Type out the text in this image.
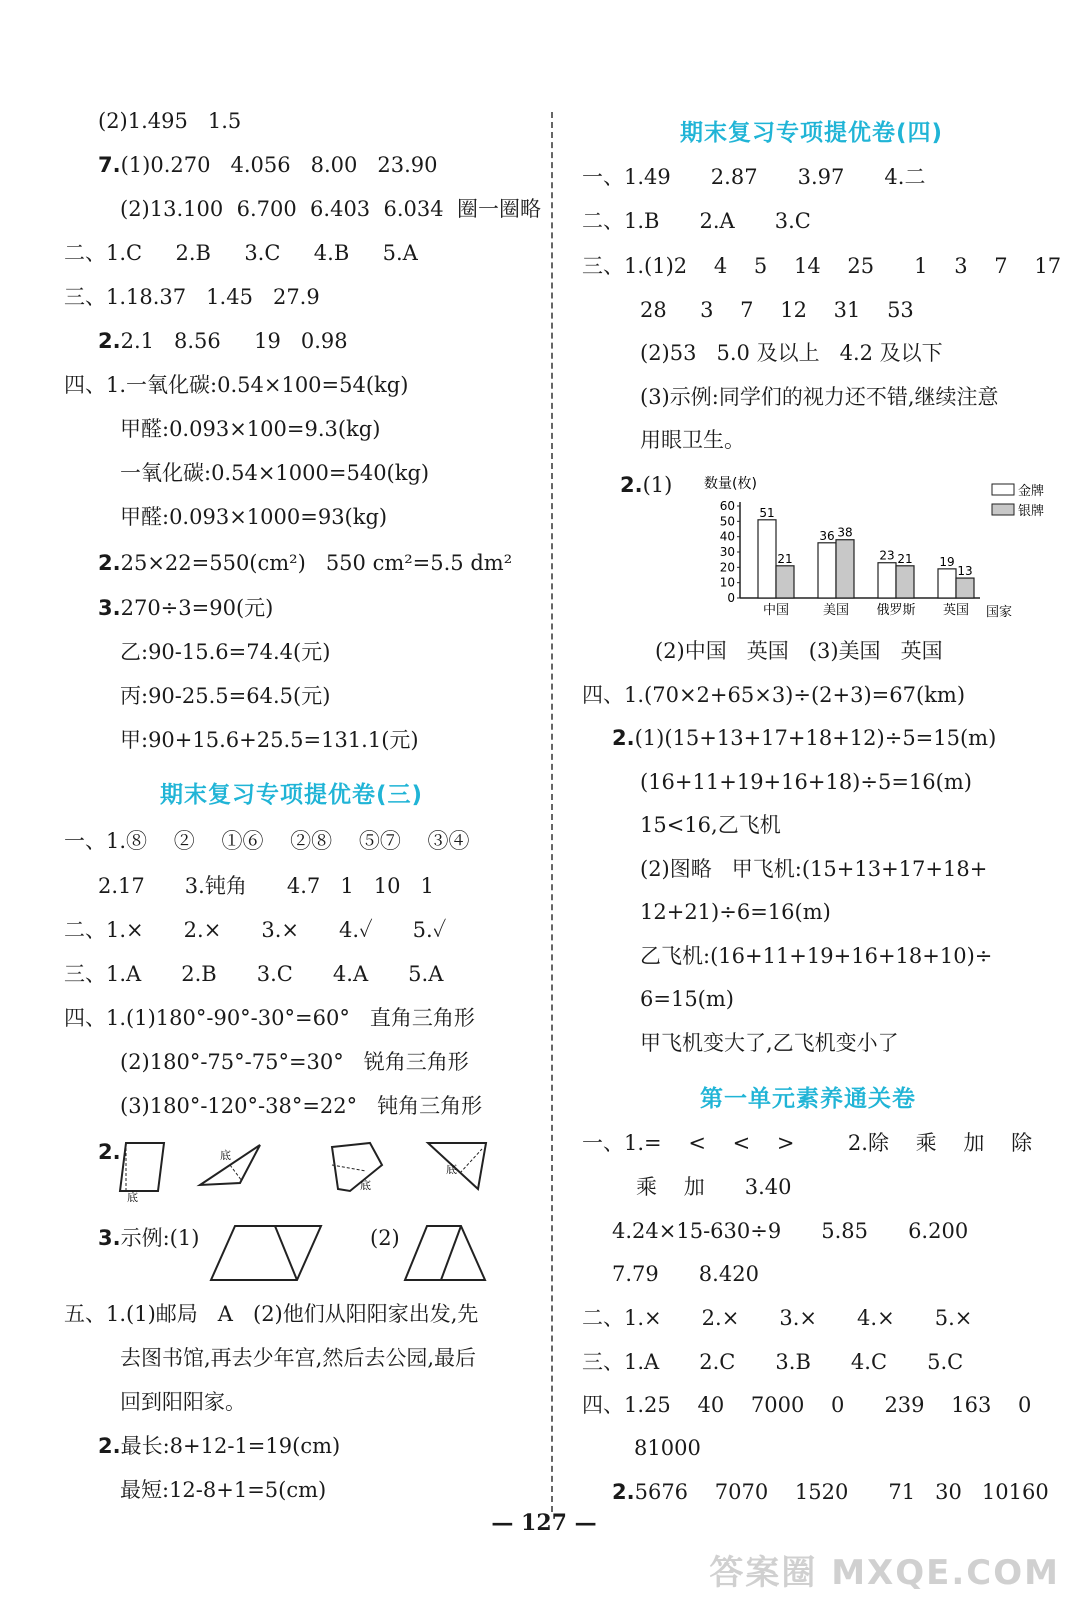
(2)1.495   1.5
7.(1)0.270   4.056   8.00   23.90
(2)13.100  6.700  6.403  6.034  圈一圈略
二、1.C     2.B     3.C     4.B     5.A
三、1.18.37   1.45   27.9
2.2.1   8.56     19   0.98
四、1.一氧化碳:0.54×100=54(kg)
甲醛:0.093×100=9.3(kg)
一氧化碳:0.54×1000=540(kg)
甲醛:0.093×1000=93(kg)
2.25×22=550(cm²)   550 cm²=5.5 dm²
3.270÷3=90(元)
乙:90-15.6=74.4(元)
丙:90-25.5=64.5(元)
甲:90+15.6+25.5=131.1(元)
期末复习专项提优卷(三)
一、1.⑧    ②    ①⑥    ②⑧    ⑤⑦    ③④
2.17      3.钝角      4.7   1   10   1
二、1.×      2.×      3.×      4.✓      5.✓
三、1.A      2.B      3.C      4.A      5.A
四、1.(1)180°-90°-30°=60°   直角三角形
(2)180°-75°-75°=30°   锐角三角形
(3)180°-120°-38°=22°   钝角三角形
2.
底
底
底
底
3.示例:(1)	(2)
五、1.(1)邮局   A   (2)他们从阳阳家出发,先
去图书馆,再去少年宫,然后去公园,最后
回到阳阳家。
2.最长:8+12-1=19(cm)
最短:12-8+1=5(cm)
期末复习专项提优卷(四)
一、1.49      2.87      3.97      4.二
二、1.B      2.A      3.C
三、1.(1)2    4    5    14    25      1    3    7    17
28     3    7    12    31    53
(2)53   5.0 及以上   4.2 及以下
(3)示例:同学们的视力还不错,继续注意
用眼卫生。
2.(1) 数量(枚)
国家
金牌
银牌
0
10
20
30
40
50
60 51
21
中国
36 38
美国
23 21
俄罗斯
19
13
英国
(2)中国   英国   (3)美国   英国
四、1.(70×2+65×3)÷(2+3)=67(km)
2.(1)(15+13+17+18+12)÷5=15(m)
(16+11+19+16+18)÷5=16(m)
15<16,乙飞机
(2)图略   甲飞机:(15+13+17+18+
12+21)÷6=16(m)
乙飞机:(16+11+19+16+18+10)÷
6=15(m)
甲飞机变大了,乙飞机变小了
第一单元素养通关卷
一、1.=    <    <    >        2.除    乘    加    除
乘    加      3.40
4.24×15-630÷9      5.85      6.200
7.79      8.420
二、1.×      2.×      3.×      4.×      5.×
三、1.A      2.C      3.B      4.C      5.C
四、1.25    40    7000    0      239    163    0
81000
2.5676    7070    1520      71   30   10160
— 127 —
答案圈 MXQE.COM
